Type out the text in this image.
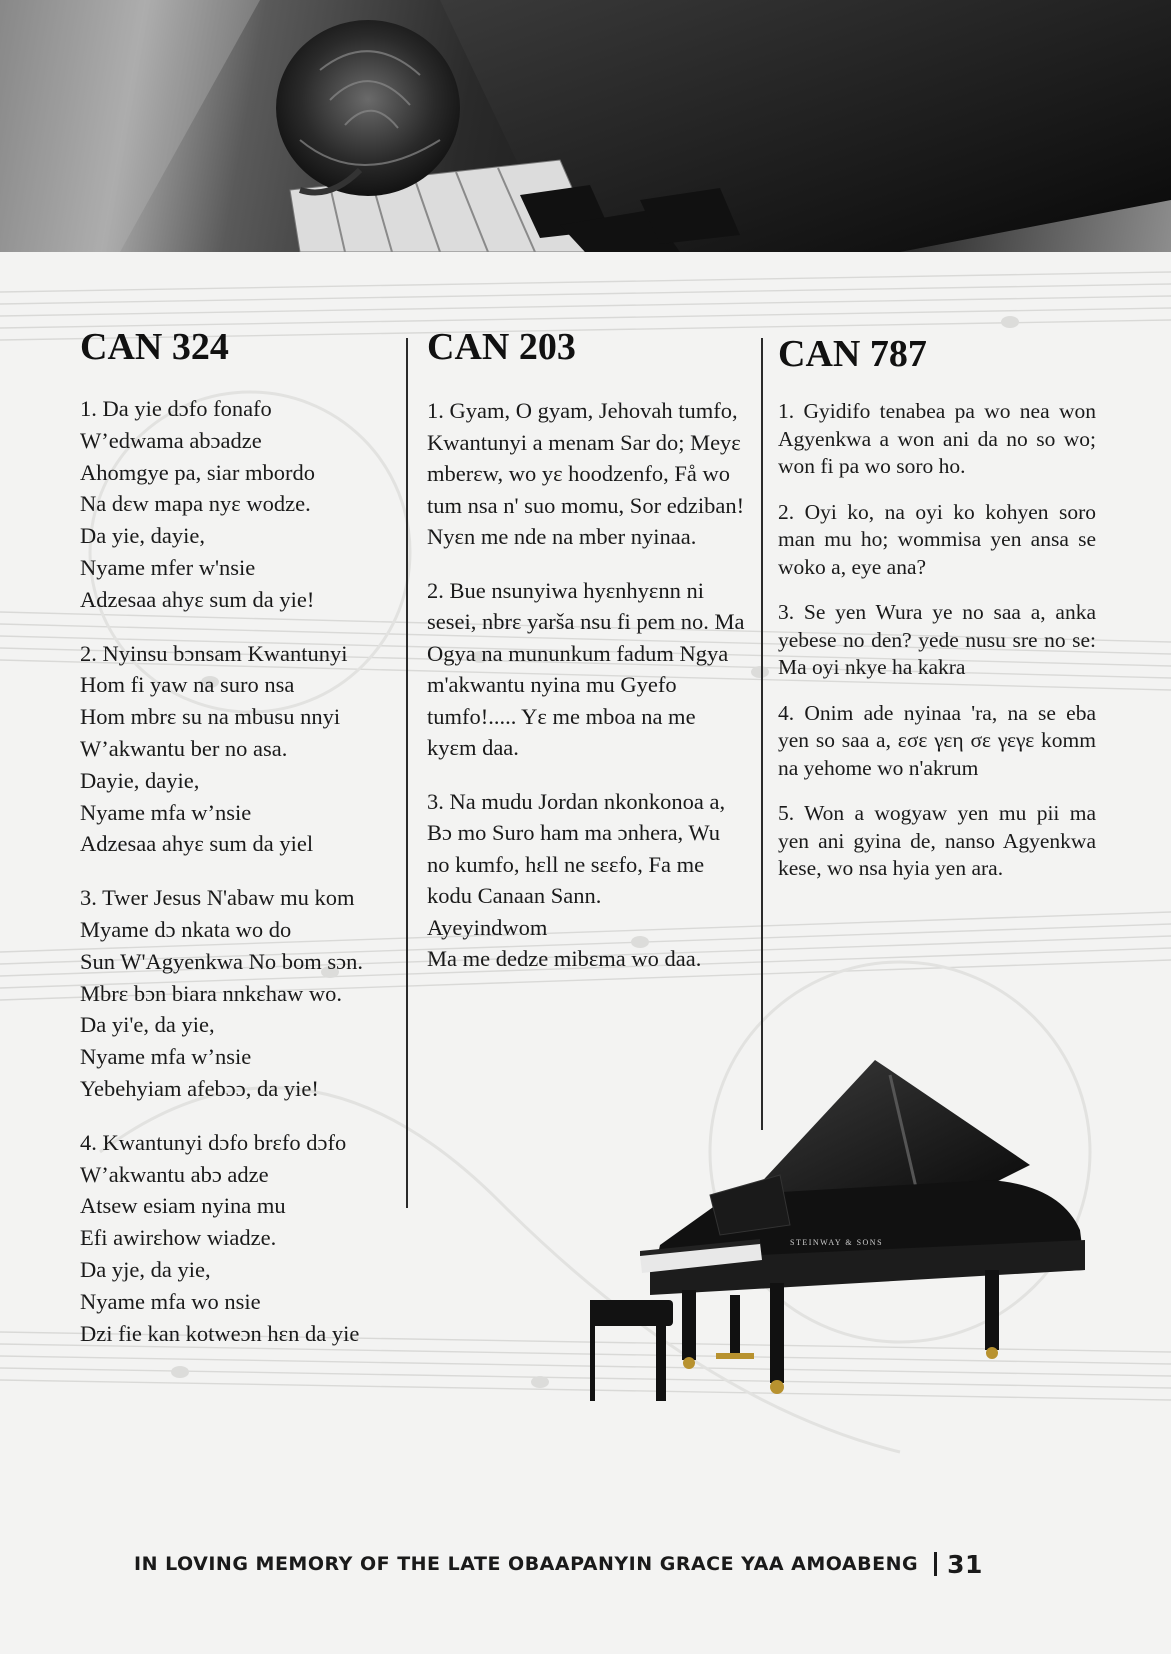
CAN 324
1. Da yie dɔfo fonafo
W’edwama abɔadze
Ahomgye pa, siar mbordo
Na dɛw mapa nyɛ wodze.
Da yie, dayie,
Nyame mfer w'nsie
Adzesaa ahyɛ sum da yie!
2. Nyinsu bɔnsam Kwantunyi
Hom fi yaw na suro nsa
Hom mbrɛ su na mbusu nnyi
W’akwantu ber no asa.
Dayie, dayie,
Nyame mfa w’nsie
Adzesaa ahyɛ sum da yiel
3. Twer Jesus N'abaw mu kom
Myame dɔ nkata wo do
Sun W'Agyenkwa No bom sɔn.
Mbrɛ bɔn biara nnkɛhaw wo.
Da yi'e, da yie,
Nyame mfa w’nsie
Yebehyiam afebɔɔ, da yie!
4. Kwantunyi dɔfo brɛfo dɔfo
W’akwantu abɔ adze
Atsew esiam nyina mu
Efi awirɛhow wiadze.
Da yje, da yie,
Nyame mfa wo nsie
Dzi fie kan kotweɔn hɛn da yie
CAN 203
1. Gyam, O gyam, Jehovah tumfo, Kwantunyi a menam Sar do; Meyɛ mberɛw, wo yɛ hoodzenfo, Få wo tum nsa n' suo momu, Sor edziban! Nyɛn me nde na mber nyinaa.
2. Bue nsunyiwa hyɛnhyɛnn ni sesei, nbrɛ yarša nsu fi pem no. Ma Ogya na mununkum fadum Ngya m'akwantu nyina mu Gyefo tumfo!..... Yɛ me mboa na me kyɛm daa.
3. Na mudu Jordan nkonkonoa a, Bɔ mo Suro ham ma ɔnhera, Wu no kumfo, hɛll ne sɛɛfo, Fa me kodu Canaan Sann.
Ayeyindwom
Ma me dedze mibɛma wo daa.
CAN 787
1. Gyidifo tenabea pa wo nea won Agyenkwa a won ani da no so wo; won fi pa wo soro ho.
2. Oyi ko, na oyi ko kohyen soro man mu ho; wommisa yen ansa se woko a, eye ana?
3. Se yen Wura ye no saa a, anka yebese no den? yede nusu sre no se: Ma oyi nkye ha kakra
4. Onim ade nyinaa 'ra, na se eba yen so saa a, εσε γεη σε γεγε komm na yehome wo n'akrum
5. Won a wogyaw yen mu pii ma yen ani gyina de, nanso Agyenkwa kese, wo nsa hyia yen ara.
STEINWAY & SONS
IN LOVING MEMORY OF THE LATE OBAAPANYIN GRACE YAA AMOABENG 31
